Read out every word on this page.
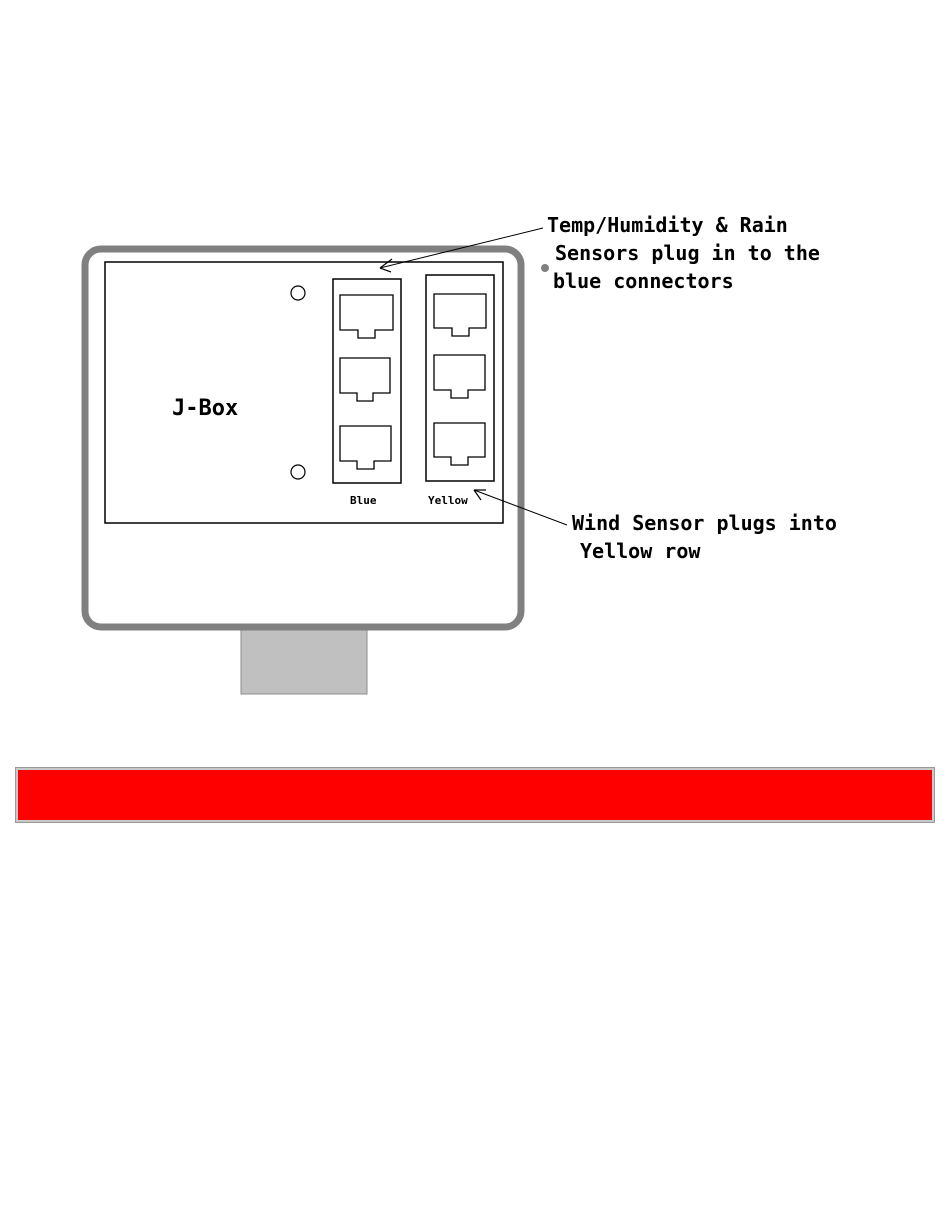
J-Box
Blue	Yellow
Temp/Humidity & Rain
Sensors plug in to the
blue connectors
Wind Sensor plugs into
Yellow row
